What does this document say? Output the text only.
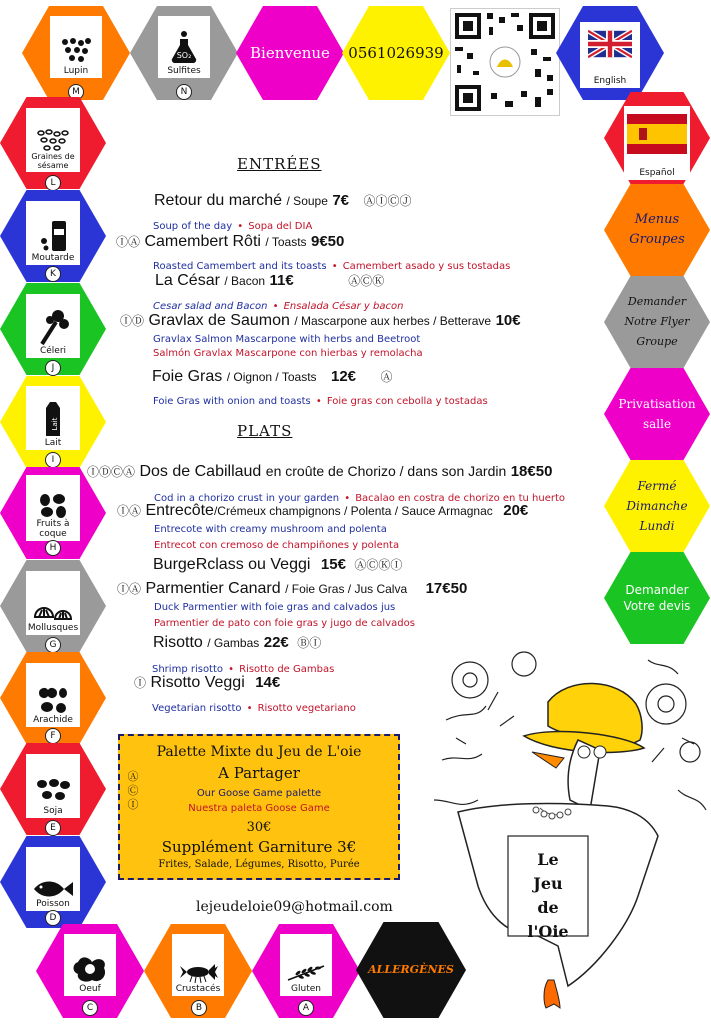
Lupin
M
SO₂
Sulfites
N
Bienvenue	0561026939
English
Graines de sésame
L
Moutarde
K
Céleri
J
Lait
Lait
I
Fruits à coque
H
Mollusques
G
Arachide
F
Soja
E
Poisson
D
Oeuf
C
Crustacés
B
Gluten
A
ALLERGÈNES
Español
Menus Groupes
Demander Notre Flyer Groupe
Privatisation salle
Fermé Dimanche Lundi
Demander Votre devis
ENTRÉES
Retour du marché / Soupe 7€ ⒶⒾⒸⒿ
Soup of the day • Sopa del DIA
ⒾⒶ Camembert Rôti / Toasts 9€50
Roasted Camembert and its toasts • Camembert asado y sus tostadas
La César / Bacon 11€	ⒶⒸⓀ
Cesar salad and Bacon • Ensalada César y bacon
ⒾⒹ Gravlax de Saumon / Mascarpone aux herbes / Betterave 10€
Gravlax Salmon Mascarpone with herbs and Beetroot
Salmón Gravlax Mascarpone con hierbas y remolacha
Foie Gras / Oignon / Toasts 12€ Ⓐ
Foie Gras with onion and toasts • Foie gras con cebolla y tostadas
PLATS
ⒾⒹⒸⒶ Dos de Cabillaud en croûte de Chorizo / dans son Jardin 18€50
Cod in a chorizo crust in your garden • Bacalao en costra de chorizo en tu huerto
ⒾⒶ Entrecôte/Crémeux champignons / Polenta / Sauce Armagnac 20€
Entrecote with creamy mushroom and polenta
Entrecot con cremoso de champiñones y polenta
BurgeRclass ou Veggi 15€ ⒶⒸⓀⒾ
ⒾⒶ Parmentier Canard / Foie Gras / Jus Calva 17€50
Duck Parmentier with foie gras and calvados jus
Parmentier de pato con foie gras y jugo de calvados
Risotto / Gambas 22€ ⒷⒾ
Shrimp risotto • Risotto de Gambas
Ⓘ Risotto Veggi 14€
Vegetarian risotto • Risotto vegetariano
Palette Mixte du Jeu de L'oie
A Partager
ⒶⒸⒾ
Our Goose Game palette
Nuestra paleta Goose Game
30€
Supplément Garniture 3€
Frites, Salade, Légumes, Risotto, Purée
lejeudeloie09@hotmail.com
Le Jeu de l'Oie
